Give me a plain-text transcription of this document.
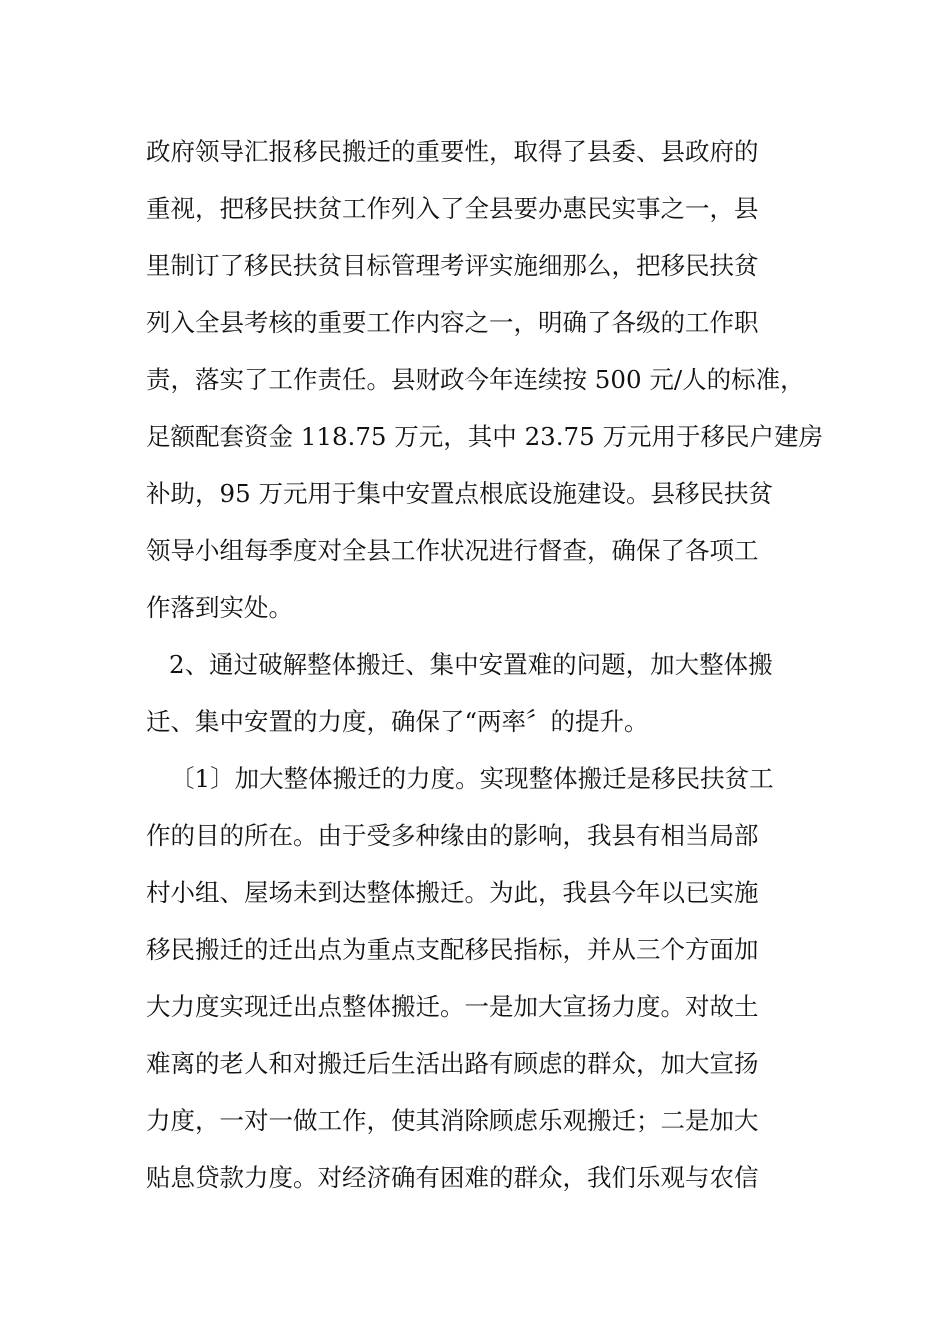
政府领导汇报移民搬迁的重要性，取得了县委、县政府的
重视，把移民扶贫工作列入了全县要办惠民实事之一，县
里制订了移民扶贫目标管理考评实施细那么，把移民扶贫
列入全县考核的重要工作内容之一，明确了各级的工作职
责，落实了工作责任。县财政今年连续按 500 元/人的标准，
足额配套资金 118.75 万元，其中 23.75 万元用于移民户建房
补助，95 万元用于集中安置点根底设施建设。县移民扶贫
领导小组每季度对全县工作状况进行督查，确保了各项工
作落到实处。
2、通过破解整体搬迁、集中安置难的问题，加大整体搬
迁、集中安置的力度，确保了“两率〞的提升。
〔1〕加大整体搬迁的力度。实现整体搬迁是移民扶贫工
作的目的所在。由于受多种缘由的影响，我县有相当局部
村小组、屋场未到达整体搬迁。为此，我县今年以已实施
移民搬迁的迁出点为重点支配移民指标，并从三个方面加
大力度实现迁出点整体搬迁。一是加大宣扬力度。对故土
难离的老人和对搬迁后生活出路有顾虑的群众，加大宣扬
力度，一对一做工作，使其消除顾虑乐观搬迁；二是加大
贴息贷款力度。对经济确有困难的群众，我们乐观与农信
